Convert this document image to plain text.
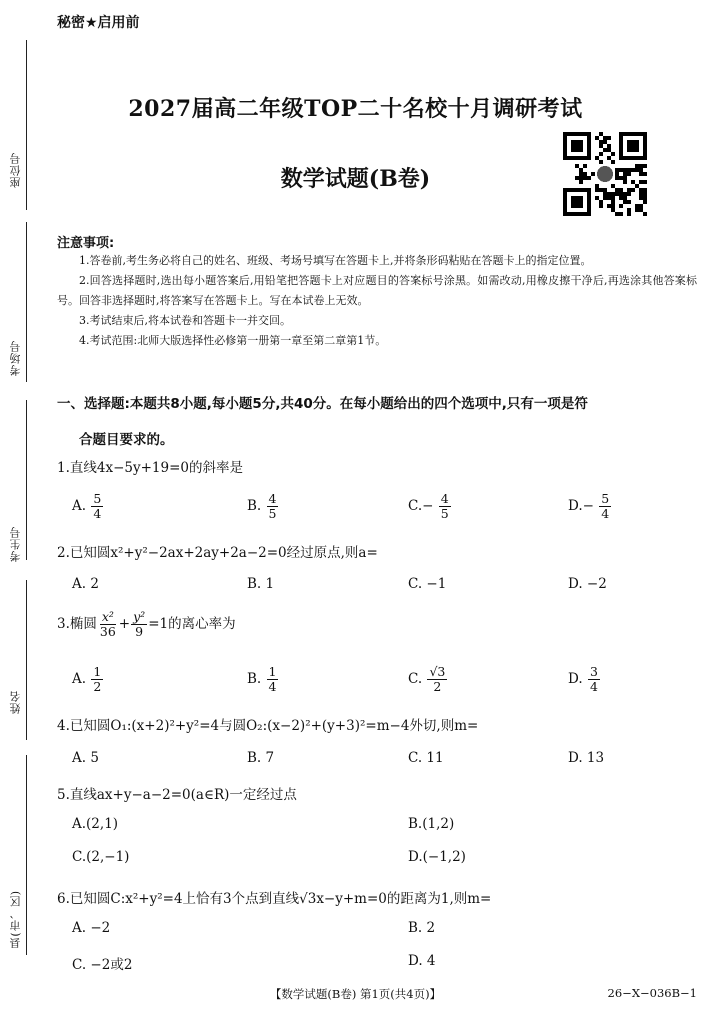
座位号
考场号
考生号
姓名
县(市、区)
秘密★启用前
2027届高二年级TOP二十名校十月调研考试
数学试题(B卷)
注意事项:

1.答卷前,考生务必将自己的姓名、班级、考场号填写在答题卡上,并将条形码粘贴在答题卡上的指定位置。

2.回答选择题时,选出每小题答案后,用铅笔把答题卡上对应题目的答案标号涂黑。如需改动,用橡皮擦干净后,再选涂其他答案标号。回答非选择题时,将答案写在答题卡上。写在本试卷上无效。

3.考试结束后,将本试卷和答题卡一并交回。

4.考试范围:北师大版选择性必修第一册第一章至第二章第1节。

一、选择题:本题共8小题,每小题5分,共40分。在每小题给出的四个选项中,只有一项是符
合题目要求的。
1.直线4x−5y+19=0的斜率是
A. $\frac{5}{4}$	B. $\frac{4}{5}$	$C.- \frac{4}{5}$	$D.- \frac{5}{4}$
2.已知圆x²+y²−2ax+2ay+2a−2=0经过原点,则a=
A. 2	B. 1	C. −1	D. −2
3.椭圆 $\frac{\text{x²}}{36} + \frac{\text{y²}}{9} =1$的离心率为
A. $\frac{1}{2}$	B. $\frac{1}{4}$	C. $\frac{√3}{2}$	D. $\frac{3}{4}$
4.已知圆O₁:(x+2)²+y²=4与圆O₂:(x−2)²+(y+3)²=m−4外切,则m=
A. 5	B. 7	C. 11	D. 13
5.直线ax+y−a−2=0(a∈R)一定经过点
A.(2,1)	B.(1,2)
C.(2,−1)	D.(−1,2)
6.已知圆C:x²+y²=4上恰有3个点到直线√3x−y+m=0的距离为1,则m=
A. −2	B. 2
C. −2或2	D. 4
【数学试题(B卷) 第1页(共4页)】	26−X−036B−1
